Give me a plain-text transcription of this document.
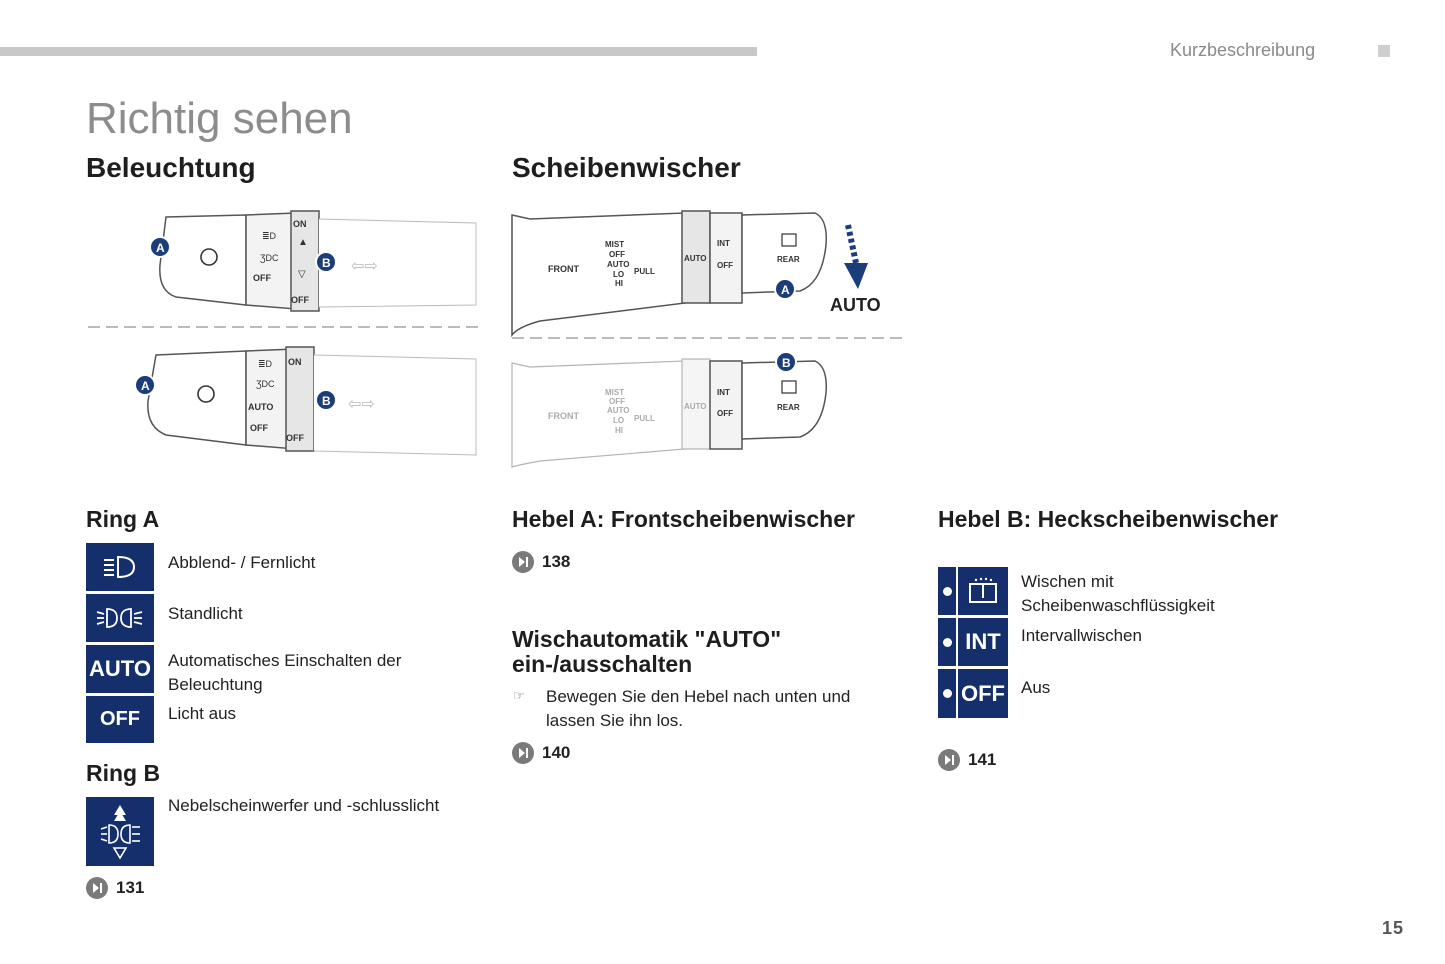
Kurzbeschreibung
Richtig sehen
Beleuchtung	Scheibenwischer
≣D
ƷDC
OFF
ON
OFF
▲
▽	⇦⇨
A
B
≣D
ƷDC
AUTO
OFF
ON
OFF
⇦⇨
A
B
FRONT
MIST
OFF
AUTO
LO
HI
PULL
AUTO
INT
OFF
REAR
AUTO
A
FRONT
MIST
OFF
AUTO
LO
HI
PULL
AUTO
INT
OFF
REAR
B
Ring A
Abblend- / Fernlicht
Standlicht
AUTO Automatisches Einschalten der Beleuchtung
OFF	Licht aus
Ring B
Nebelscheinwerfer und -schlusslicht
131
Hebel A: Frontscheibenwischer
138
Wischautomatik "AUTO"
ein-/ausschalten
☞ Bewegen Sie den Hebel nach unten und lassen Sie ihn los.
140
Hebel B: Heckscheibenwischer
Wischen mit Scheibenwaschflüssigkeit
INT	Intervallwischen
OFF Aus
141
15
